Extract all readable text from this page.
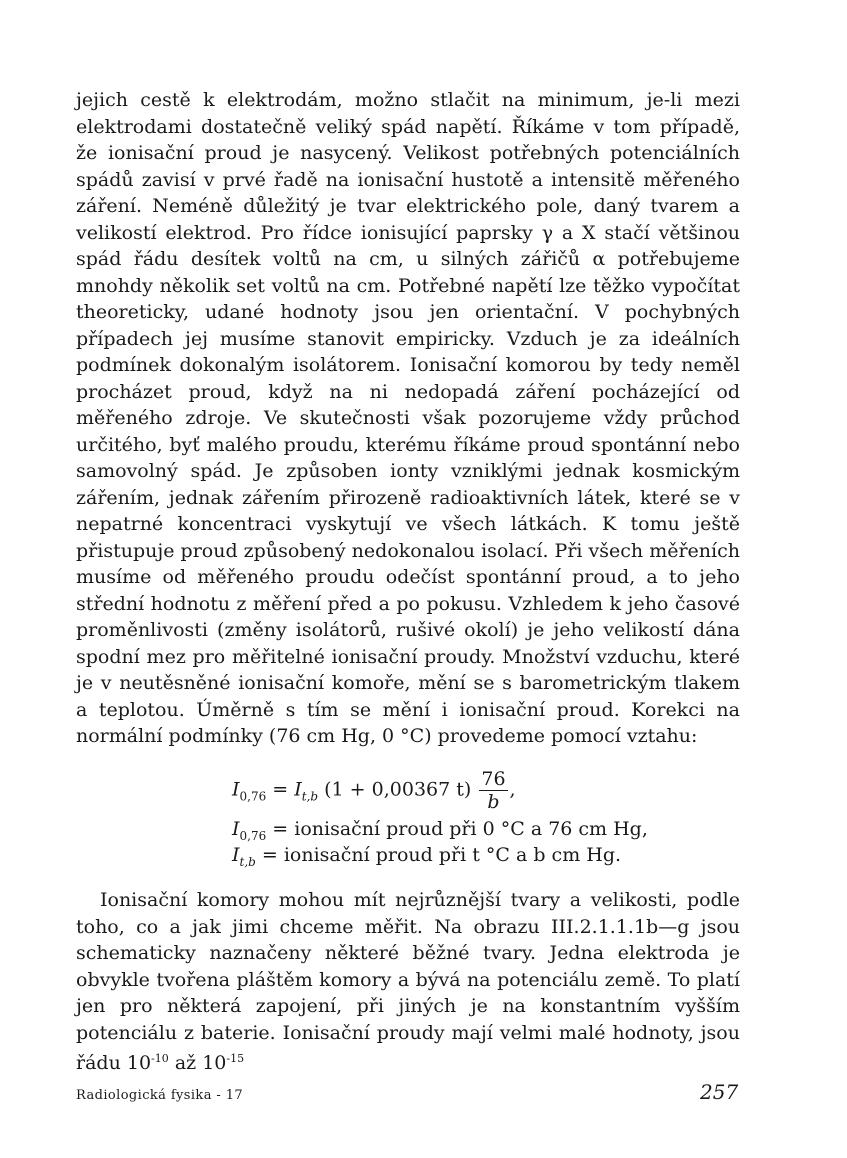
jejich cestě k elektrodám, možno stlačit na minimum, je-li mezi elektrodami dostatečně veliký spád napětí. Říkáme v tom případě, že ionisační proud je nasycený. Velikost potřebných potenciálních spádů zavisí v prvé řadě na ionisační hustotě a intensitě měřeného záření. Neméně důležitý je tvar elektrického pole, daný tvarem a velikostí elektrod. Pro řídce ionisující paprsky γ a X stačí většinou spád řádu desítek voltů na cm, u silných zářičů α potřebujeme mnohdy několik set voltů na cm. Potřebné napětí lze těžko vypočítat theoreticky, udané hodnoty jsou jen orientační. V pochybných případech jej musíme stanovit empiricky. Vzduch je za ideálních podmínek dokonalým isolátorem. Ionisační komorou by tedy neměl procházet proud, když na ni nedopadá záření pocházející od měřeného zdroje. Ve skutečnosti však pozorujeme vždy průchod určitého, byť malého proudu, kterému říkáme proud spontánní nebo samovolný spád. Je způsoben ionty vzniklými jednak kosmickým zářením, jednak zářením přirozeně radioaktivních látek, které se v nepatrné koncentraci vyskytují ve všech látkách. K tomu ještě přistupuje proud způsobený nedokonalou isolací. Při všech měřeních musíme od měřeného proudu odečíst spontánní proud, a to jeho střední hodnotu z měření před a po pokusu. Vzhledem k jeho časové proměnlivosti (změny isolátorů, rušivé okolí) je jeho velikostí dána spodní mez pro měřitelné ionisační proudy. Množství vzduchu, které je v neutěsněné ionisační komoře, mění se s barometrickým tlakem a teplotou. Úměrně s tím se mění i ionisační proud. Korekci na normální podmínky (76 cm Hg, 0 °C) provedeme pomocí vztahu:
$I_{0,76} = I_{t,b}$ (1 + 0,00367 $t) \frac{76}{b}$ ,
$I_{0,76}$ = ionisační proud při 0 °C a 76 cm Hg,
$I_{t,b}$ = ionisační proud při t °C a b cm Hg.
Ionisační komory mohou mít nejrůznější tvary a velikosti, podle toho, co a jak jimi chceme měřit. Na obrazu III.2.1.1.1b—g jsou schematicky naznačeny některé běžné tvary. Jedna elektroda je obvykle tvořena pláštěm komory a bývá na potenciálu země. To platí jen pro některá zapojení, při jiných je na konstantním vyšším potenciálu z baterie. Ionisační proudy mají velmi malé hodnoty, jsou řádu $10^{-10}$ až $10^{-15}$
Radiologická fysika - 17	257
